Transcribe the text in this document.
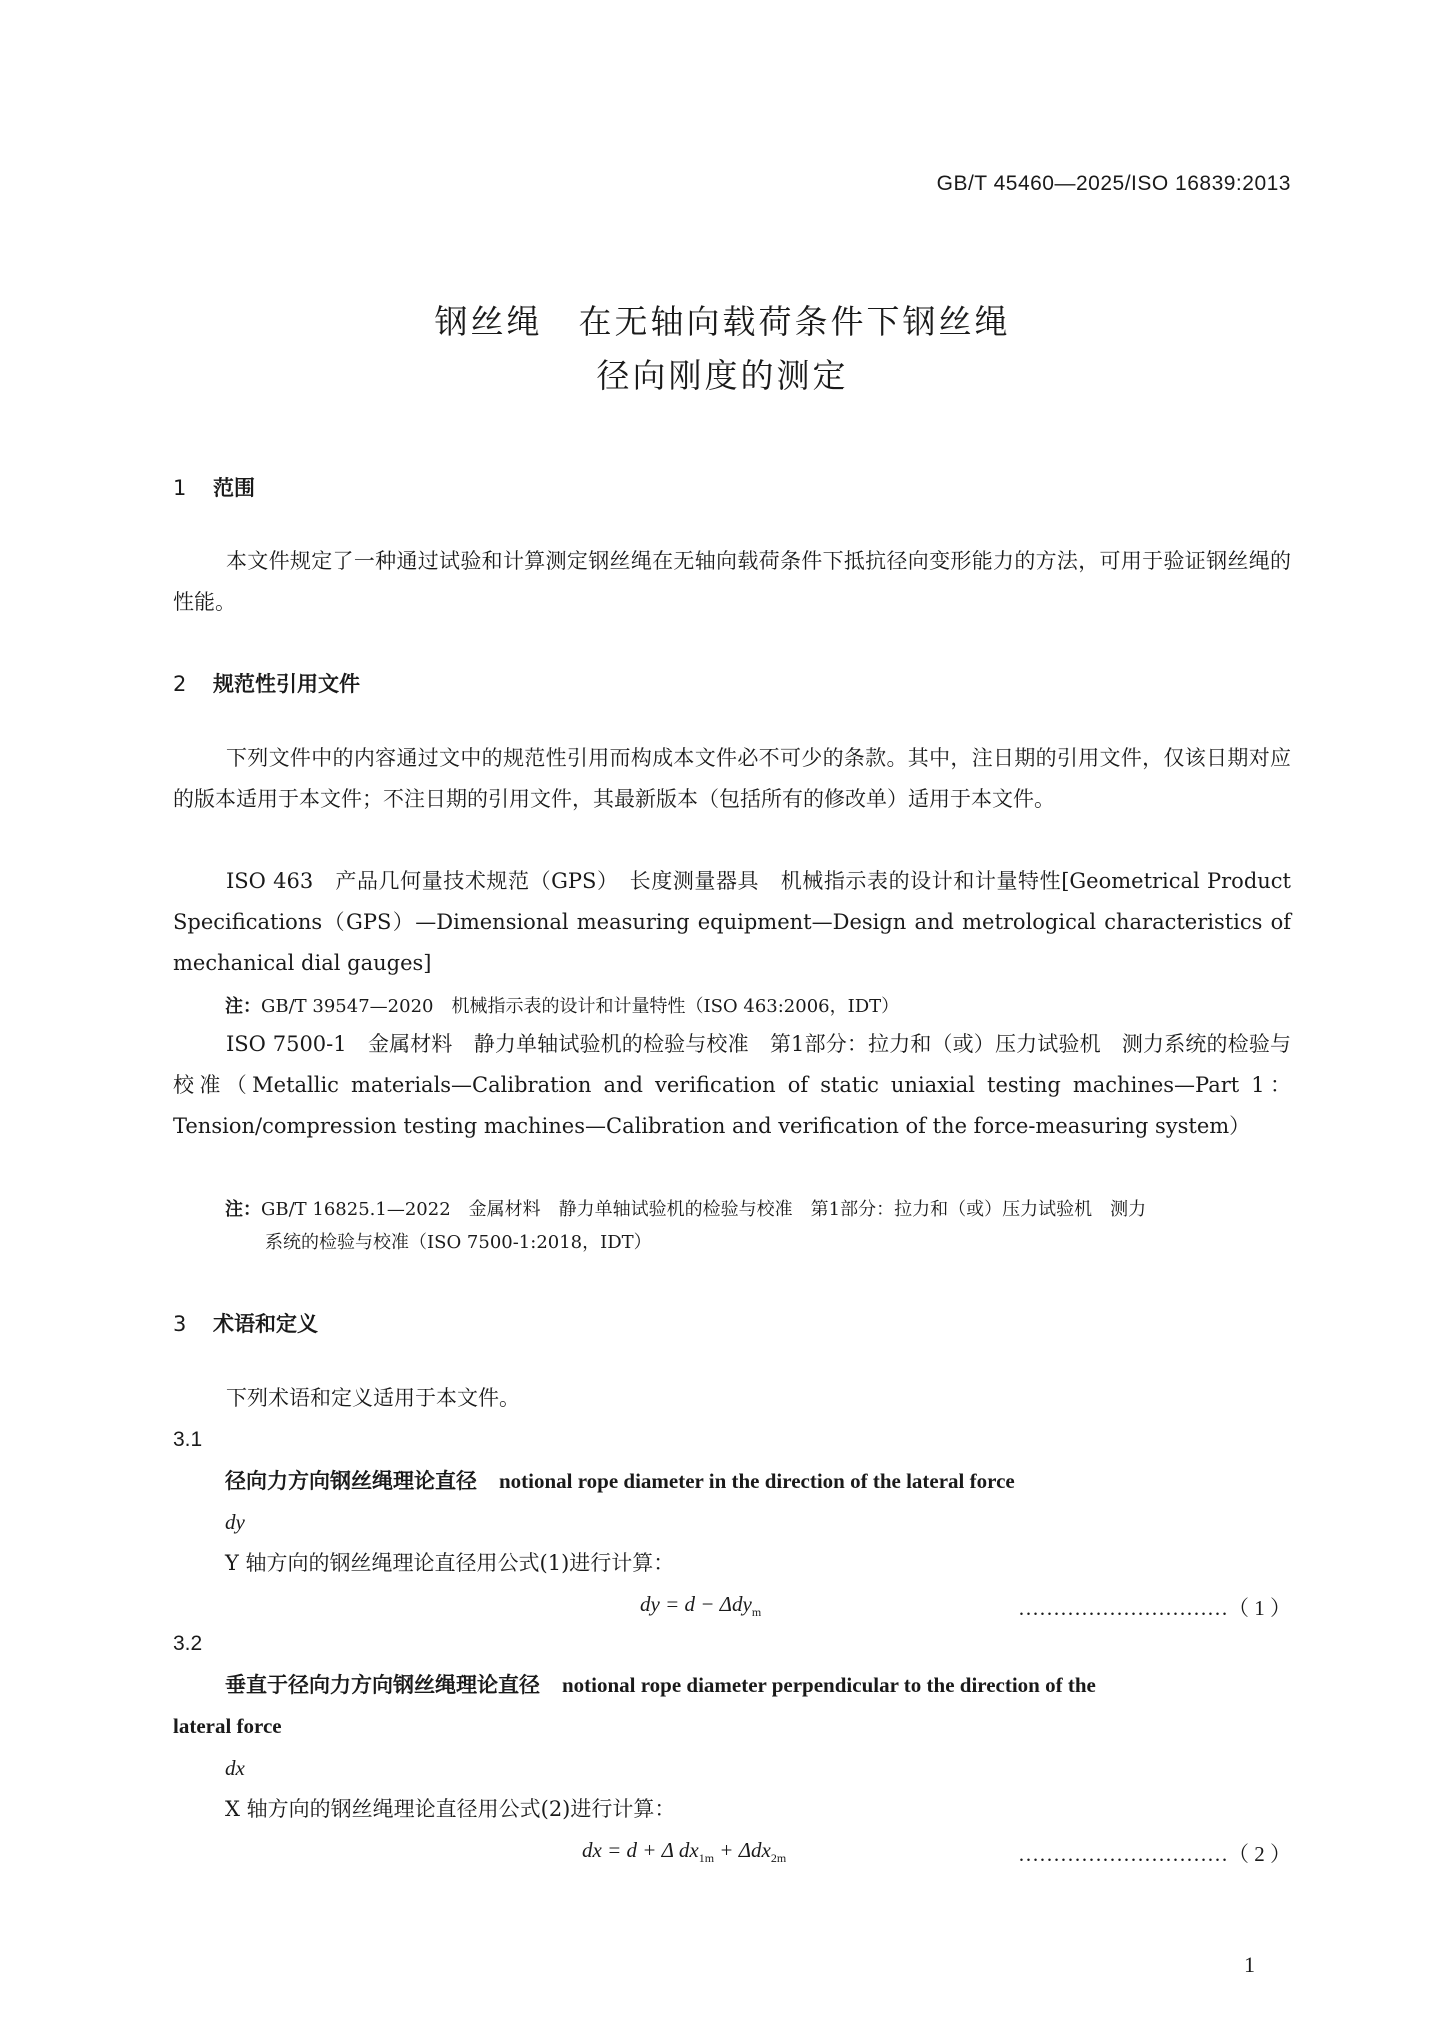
GB/T 45460—2025/ISO 16839:2013
钢丝绳　在无轴向载荷条件下钢丝绳
径向刚度的测定
1 范围
本文件规定了一种通过试验和计算测定钢丝绳在无轴向载荷条件下抵抗径向变形能力的方法，可用于验证钢丝绳的性能。
2 规范性引用文件
下列文件中的内容通过文中的规范性引用而构成本文件必不可少的条款。其中，注日期的引用文件，仅该日期对应的版本适用于本文件；不注日期的引用文件，其最新版本（包括所有的修改单）适用于本文件。
ISO 463　产品几何量技术规范（GPS）　长度测量器具　机械指示表的设计和计量特性[Geometrical Product Specifications（GPS）—Dimensional measuring equipment—Design and metrological characteristics of mechanical dial gauges]
注：GB/T 39547—2020　机械指示表的设计和计量特性（ISO 463:2006，IDT）
ISO 7500-1　金属材料　静力单轴试验机的检验与校准　第1部分：拉力和（或）压力试验机　测力系统的检验与校准（Metallic materials—Calibration and verification of static uniaxial testing machines—Part 1：Tension/compression testing machines—Calibration and verification of the force-measuring system）
注：GB/T 16825.1—2022　金属材料　静力单轴试验机的检验与校准　第1部分：拉力和（或）压力试验机　测力
系统的检验与校准（ISO 7500-1:2018，IDT）
3 术语和定义
下列术语和定义适用于本文件。
3.1
径向力方向钢丝绳理论直径 notional rope diameter in the direction of the lateral force
dy
Y 轴方向的钢丝绳理论直径用公式(1)进行计算：
dy = d − Δdy$_m$	…………………………（ 1 ）
3.2
垂直于径向力方向钢丝绳理论直径 notional rope diameter perpendicular to the direction of the
lateral force
dx
X 轴方向的钢丝绳理论直径用公式(2)进行计算：
dx = d + Δ $dx_{1m} + \Delta dx_{2m}$	…………………………（ 2 ）
1
